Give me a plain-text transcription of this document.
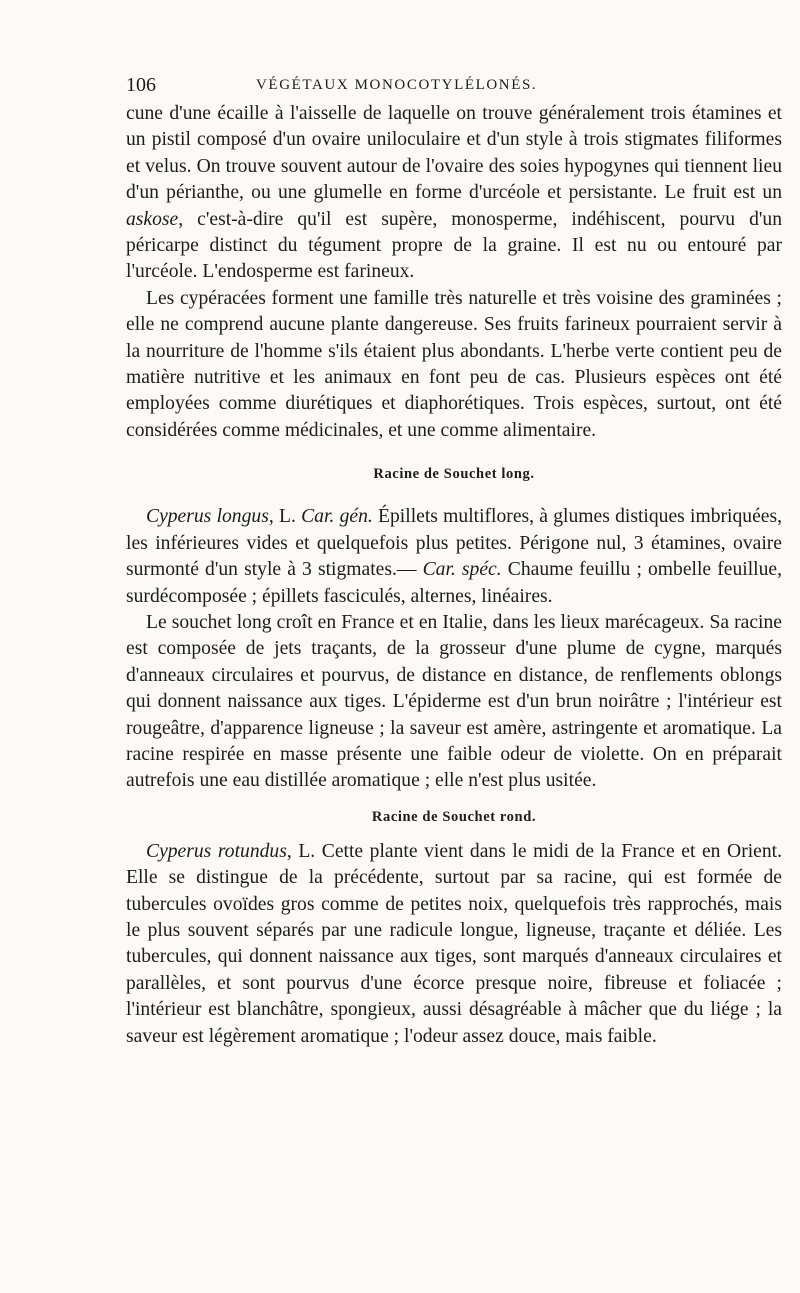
106	VÉGÉTAUX MONOCOTYLÉLONÉS.

cune d'une écaille à l'aisselle de laquelle on trouve généralement trois étamines et un pistil composé d'un ovaire uniloculaire et d'un style à trois stigmates filiformes et velus. On trouve souvent autour de l'ovaire des soies hypogynes qui tiennent lieu d'un périanthe, ou une glumelle en forme d'urcéole et persistante. Le fruit est un askose, c'est-à-dire qu'il est supère, monosperme, indéhiscent, pourvu d'un péricarpe distinct du tégument propre de la graine. Il est nu ou entouré par l'urcéole. L'endosperme est farineux.

Les cypéracées forment une famille très naturelle et très voisine des graminées ; elle ne comprend aucune plante dangereuse. Ses fruits farineux pourraient servir à la nourriture de l'homme s'ils étaient plus abondants. L'herbe verte contient peu de matière nutritive et les animaux en font peu de cas. Plusieurs espèces ont été employées comme diurétiques et diaphorétiques. Trois espèces, surtout, ont été considérées comme médicinales, et une comme alimentaire.

Racine de Souchet long.

Cyperus longus, L. Car. gén. Épillets multiflores, à glumes distiques imbriquées, les inférieures vides et quelquefois plus petites. Périgone nul, 3 étamines, ovaire surmonté d'un style à 3 stigmates.— Car. spéc. Chaume feuillu ; ombelle feuillue, surdécomposée ; épillets fasciculés, alternes, linéaires.

Le souchet long croît en France et en Italie, dans les lieux marécageux. Sa racine est composée de jets traçants, de la grosseur d'une plume de cygne, marqués d'anneaux circulaires et pourvus, de distance en distance, de renflements oblongs qui donnent naissance aux tiges. L'épiderme est d'un brun noirâtre ; l'intérieur est rougeâtre, d'apparence ligneuse ; la saveur est amère, astringente et aromatique. La racine respirée en masse présente une faible odeur de violette. On en préparait autrefois une eau distillée aromatique ; elle n'est plus usitée.

Racine de Souchet rond.

Cyperus rotundus, L. Cette plante vient dans le midi de la France et en Orient. Elle se distingue de la précédente, surtout par sa racine, qui est formée de tubercules ovoïdes gros comme de petites noix, quelquefois très rapprochés, mais le plus souvent séparés par une radicule longue, ligneuse, traçante et déliée. Les tubercules, qui donnent naissance aux tiges, sont marqués d'anneaux circulaires et parallèles, et sont pourvus d'une écorce presque noire, fibreuse et foliacée ; l'intérieur est blanchâtre, spongieux, aussi désagréable à mâcher que du liége ; la saveur est légèrement aromatique ; l'odeur assez douce, mais faible.
